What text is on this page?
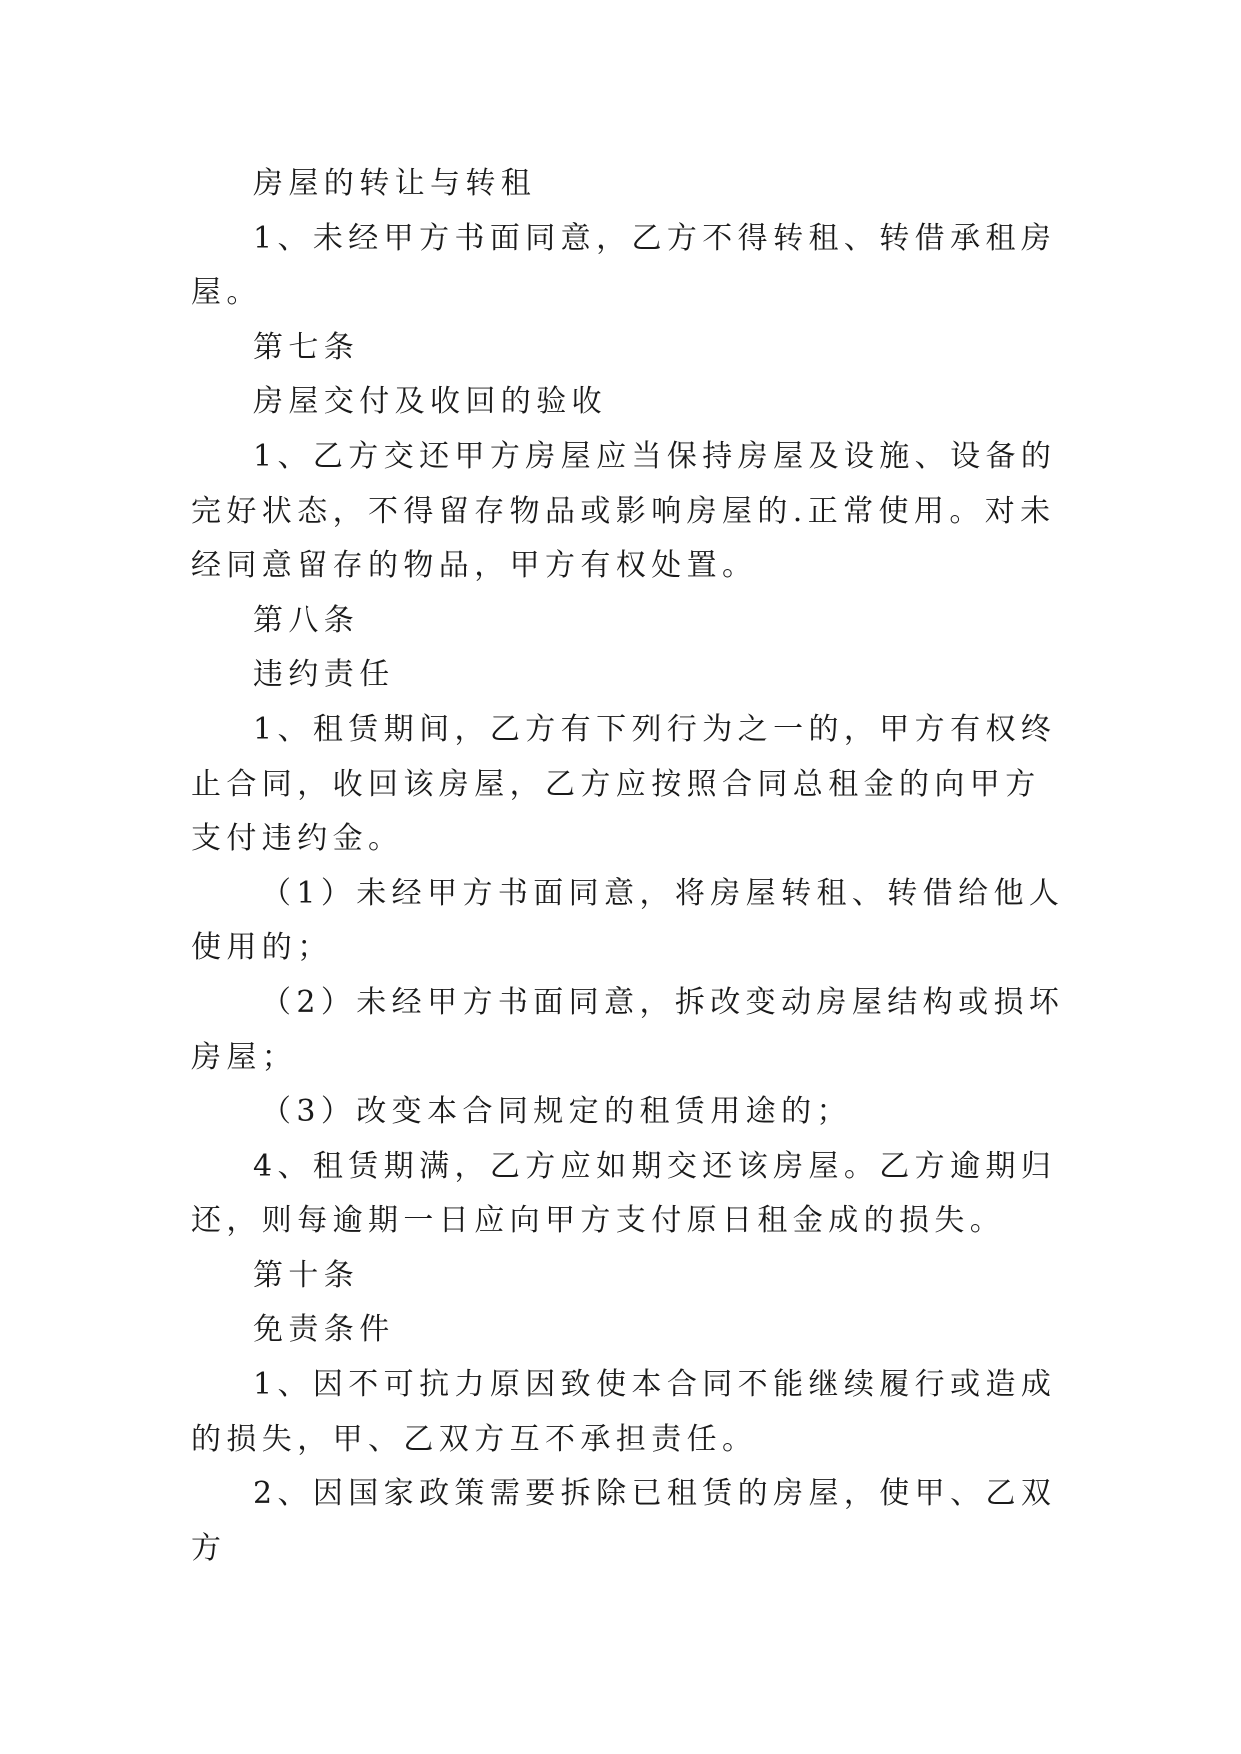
房屋的转让与转租

1、未经甲方书面同意，乙方不得转租、转借承租房屋。

第七条

房屋交付及收回的验收

1、乙方交还甲方房屋应当保持房屋及设施、设备的完好状态，不得留存物品或影响房屋的.正常使用。对未经同意留存的物品，甲方有权处置。

第八条

违约责任

1、租赁期间，乙方有下列行为之一的，甲方有权终止合同，收回该房屋，乙方应按照合同总租金的向甲方支付违约金。

（1）未经甲方书面同意，将房屋转租、转借给他人使用的；

（2）未经甲方书面同意，拆改变动房屋结构或损坏房屋；

（3）改变本合同规定的租赁用途的；

4、租赁期满，乙方应如期交还该房屋。乙方逾期归还，则每逾期一日应向甲方支付原日租金成的损失。

第十条

免责条件

1、因不可抗力原因致使本合同不能继续履行或造成的损失，甲、乙双方互不承担责任。

2、因国家政策需要拆除已租赁的房屋，使甲、乙双方
